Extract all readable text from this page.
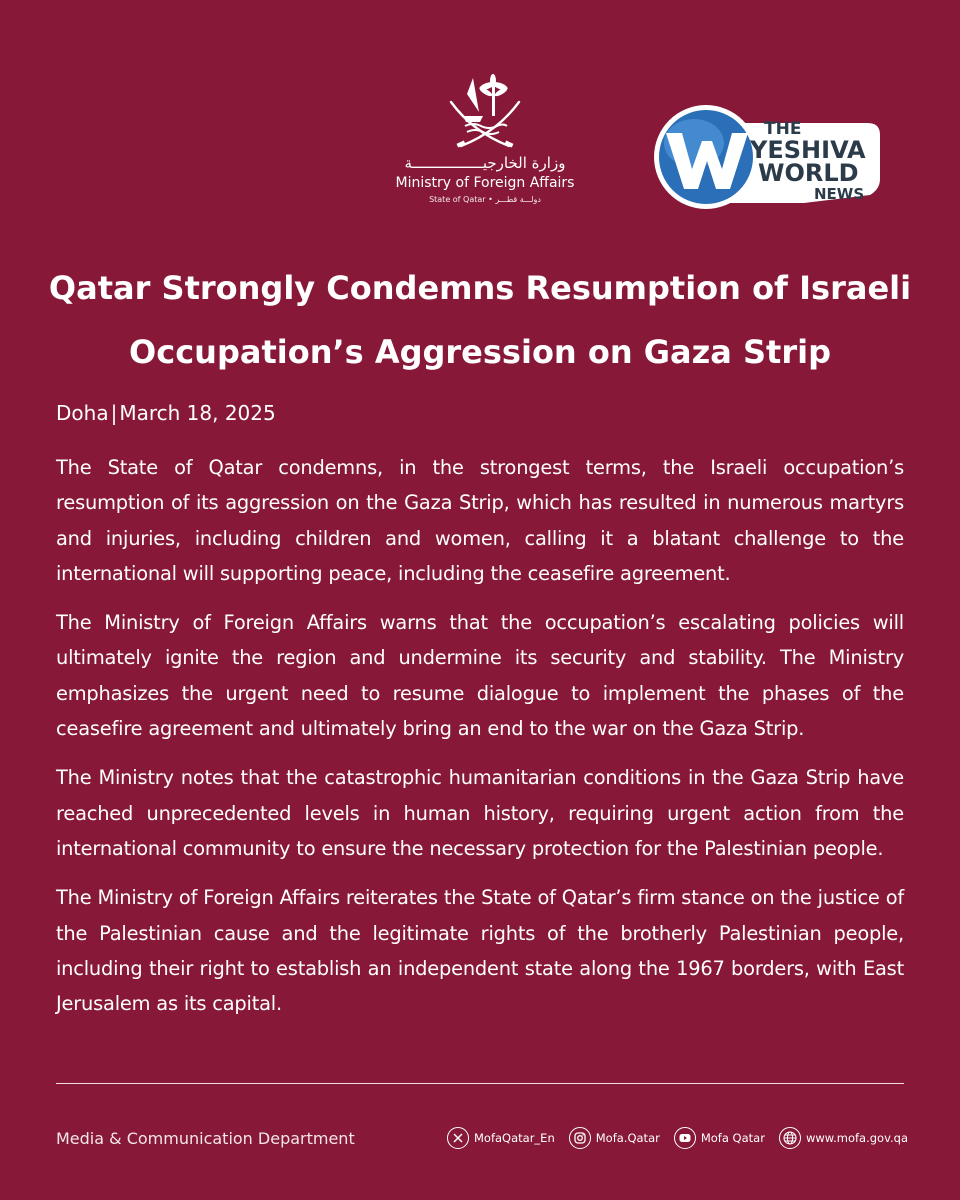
وزارة الخارجيــــــــــــــــة
Ministry of Foreign Affairs
State of Qatar • دولـــة قطـــر
THE
YESHIVA
WORLD
NEWS
Qatar Strongly Condemns Resumption of Israeli
Occupation’s Aggression on Gaza Strip
Doha | March 18, 2025

The State of Qatar condemns, in the strongest terms, the Israeli occupation’s resumption of its aggression on the Gaza Strip, which has resulted in numerous martyrs and injuries, including children and women, calling it a blatant challenge to the international will supporting peace, including the ceasefire agreement.

The Ministry of Foreign Affairs warns that the occupation’s escalating policies will ultimately ignite the region and undermine its security and stability. The Ministry emphasizes the urgent need to resume dialogue to implement the phases of the ceasefire agreement and ultimately bring an end to the war on the Gaza Strip.

The Ministry notes that the catastrophic humanitarian conditions in the Gaza Strip have reached unprecedented levels in human history, requiring urgent action from the international community to ensure the necessary protection for the Palestinian people.

The Ministry of Foreign Affairs reiterates the State of Qatar’s firm stance on the justice of the Palestinian cause and the legitimate rights of the brotherly Palestinian people, including their right to establish an independent state along the 1967 borders, with East Jerusalem as its capital.

Media & Communication Department	MofaQatar_En	Mofa.Qatar	Mofa Qatar	www.mofa.gov.qa
